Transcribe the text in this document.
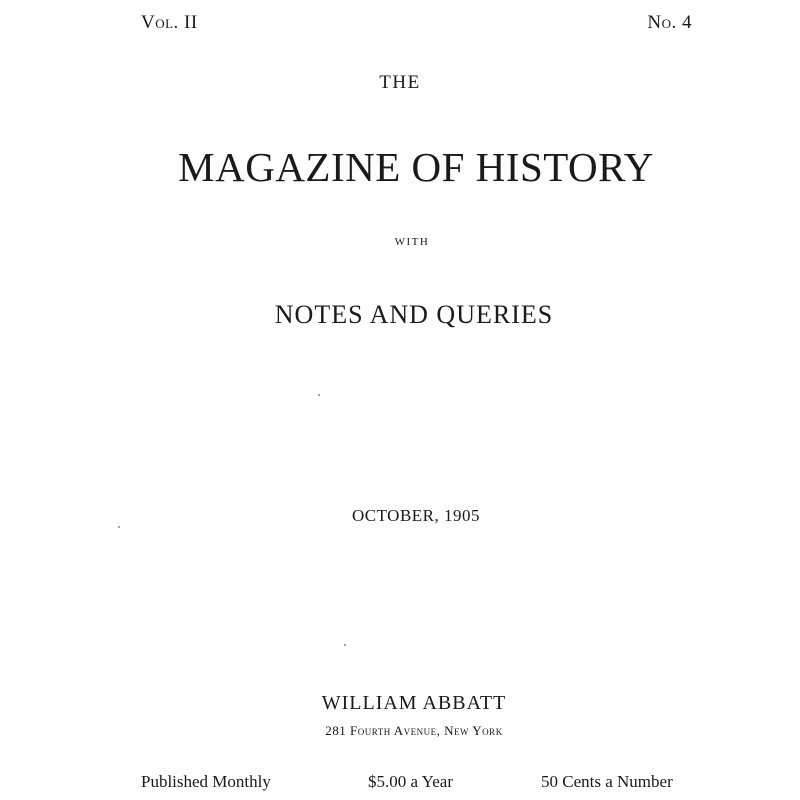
Vol. II	No. 4
THE
MAGAZINE OF HISTORY
WITH
NOTES AND QUERIES
OCTOBER, 1905
WILLIAM ABBATT
281 Fourth Avenue, New York
Published Monthly	$5.00 a Year	50 Cents a Number
